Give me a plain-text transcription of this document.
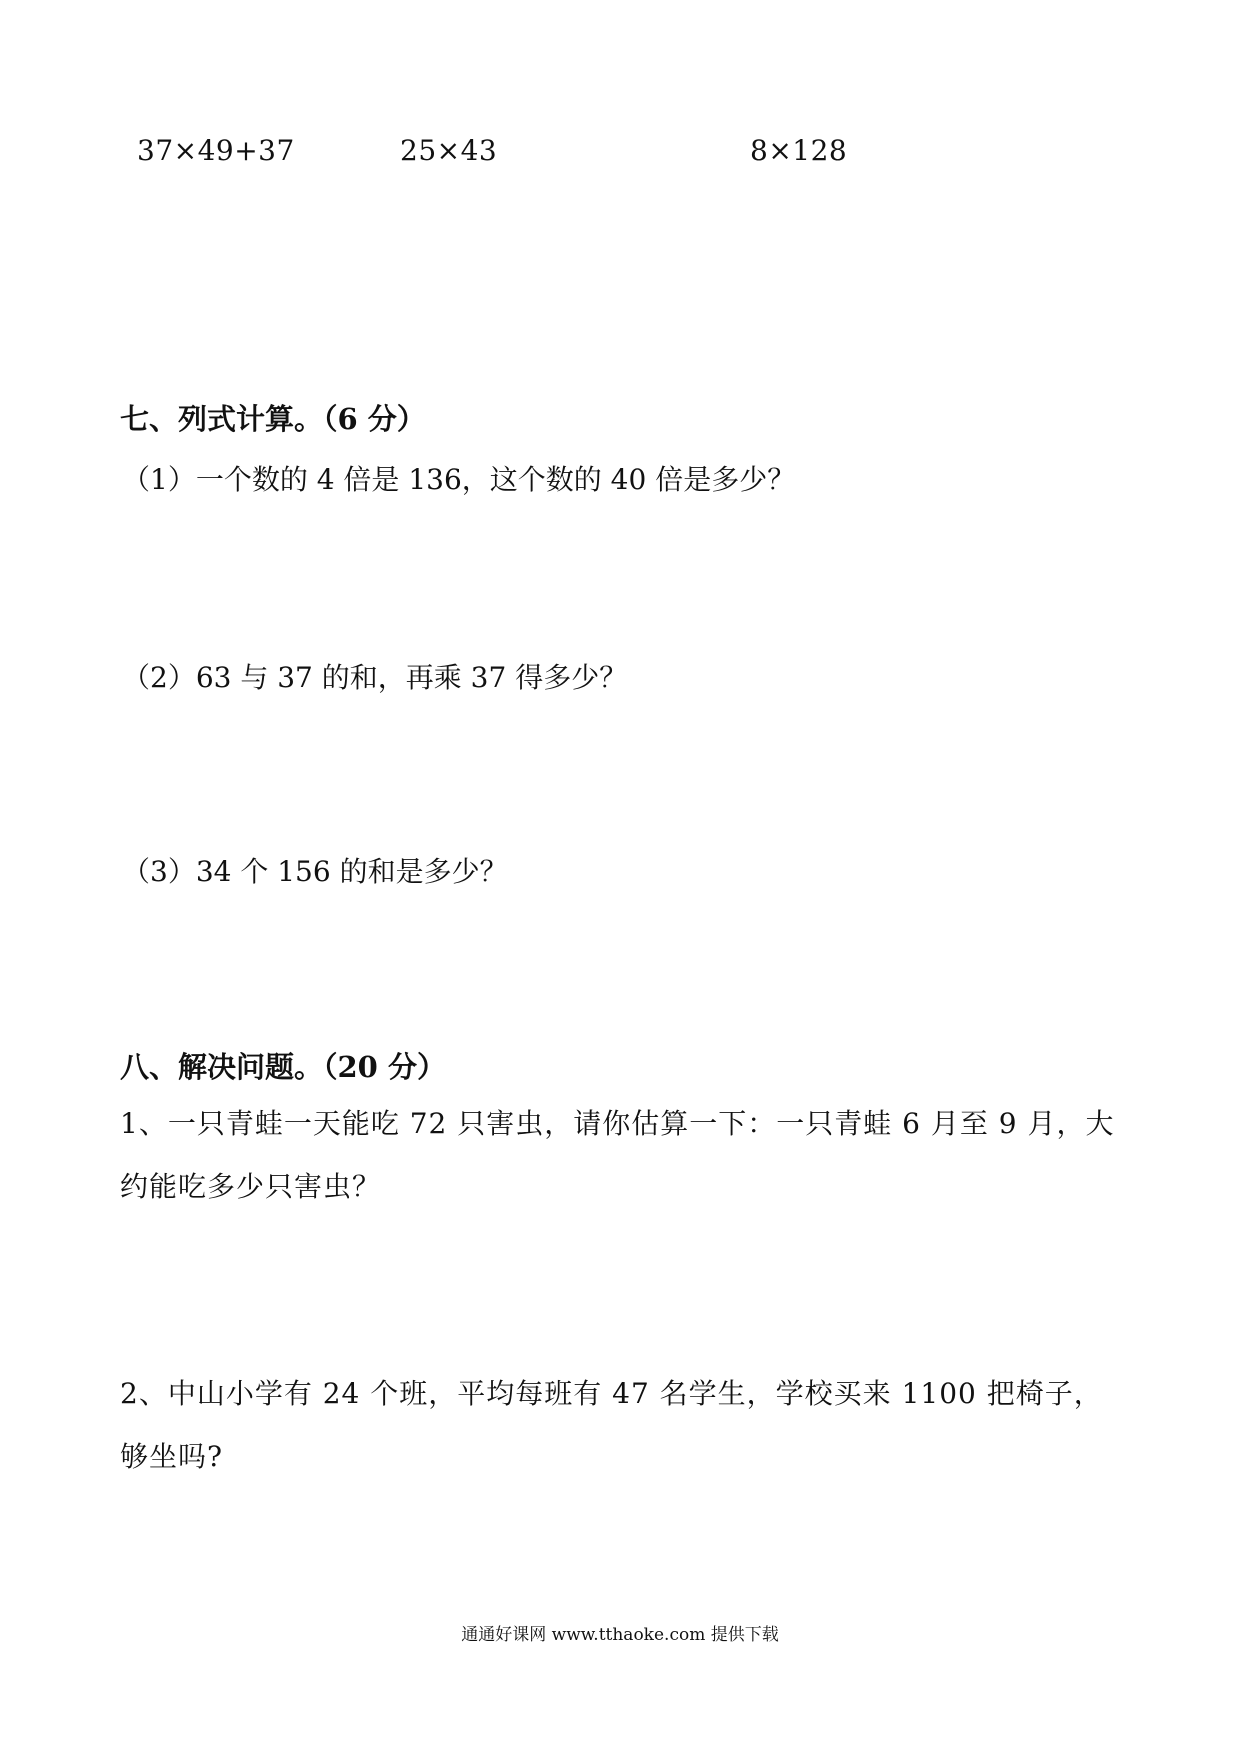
37×49+37	25×43	8×128
七、列式计算。（6 分）
（1）一个数的 4 倍是 136，这个数的 40 倍是多少？
（2）63 与 37 的和，再乘 37 得多少？
（3）34 个 156 的和是多少？
八、解决问题。（20 分）
1、一只青蛙一天能吃 72 只害虫，请你估算一下：一只青蛙 6 月至 9 月，大约能吃多少只害虫？
2、中山小学有 24 个班，平均每班有 47 名学生，学校买来 1100 把椅子，够坐吗?
通通好课网 www.tthaoke.com 提供下载
